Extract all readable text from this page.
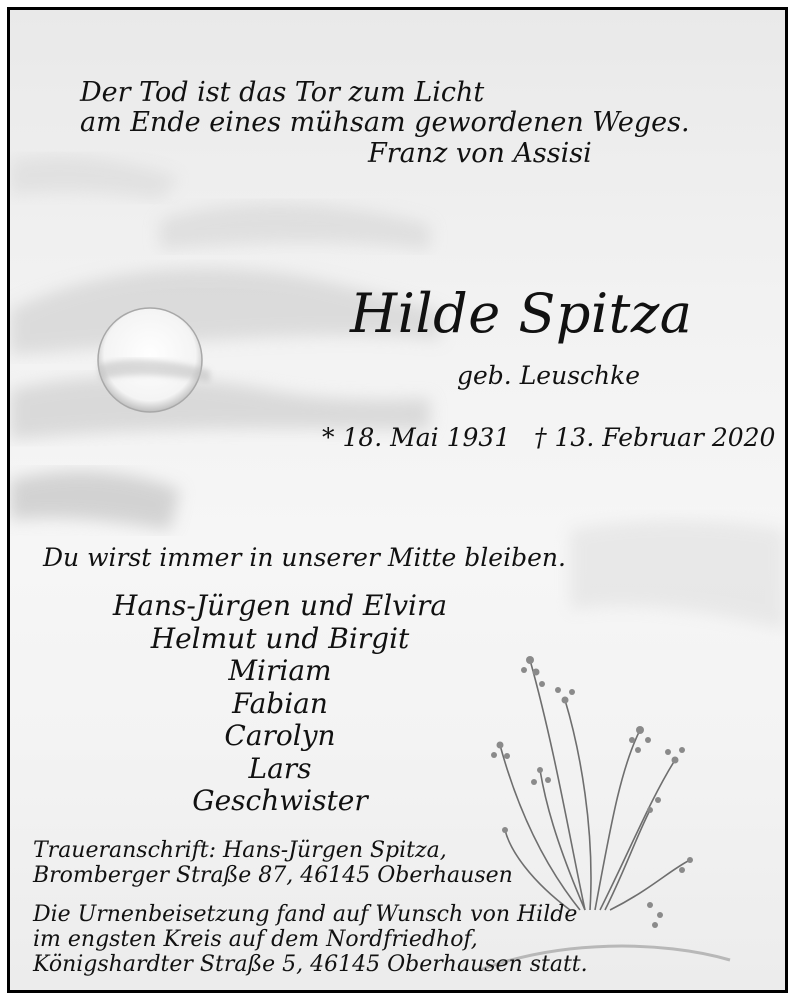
Der Tod ist das Tor zum Licht
am Ende eines mühsam gewordenen Weges.
Franz von Assisi
Hilde Spitza
geb. Leuschke
* 18. Mai 1931   † 13. Februar 2020
Du wirst immer in unserer Mitte bleiben.
Hans-Jürgen und Elvira
Helmut und Birgit
Miriam
Fabian
Carolyn
Lars
Geschwister
Traueranschrift: Hans-Jürgen Spitza,
Bromberger Straße 87, 46145 Oberhausen
Die Urnenbeisetzung fand auf Wunsch von Hilde
im engsten Kreis auf dem Nordfriedhof,
Königshardter Straße 5, 46145 Oberhausen statt.
